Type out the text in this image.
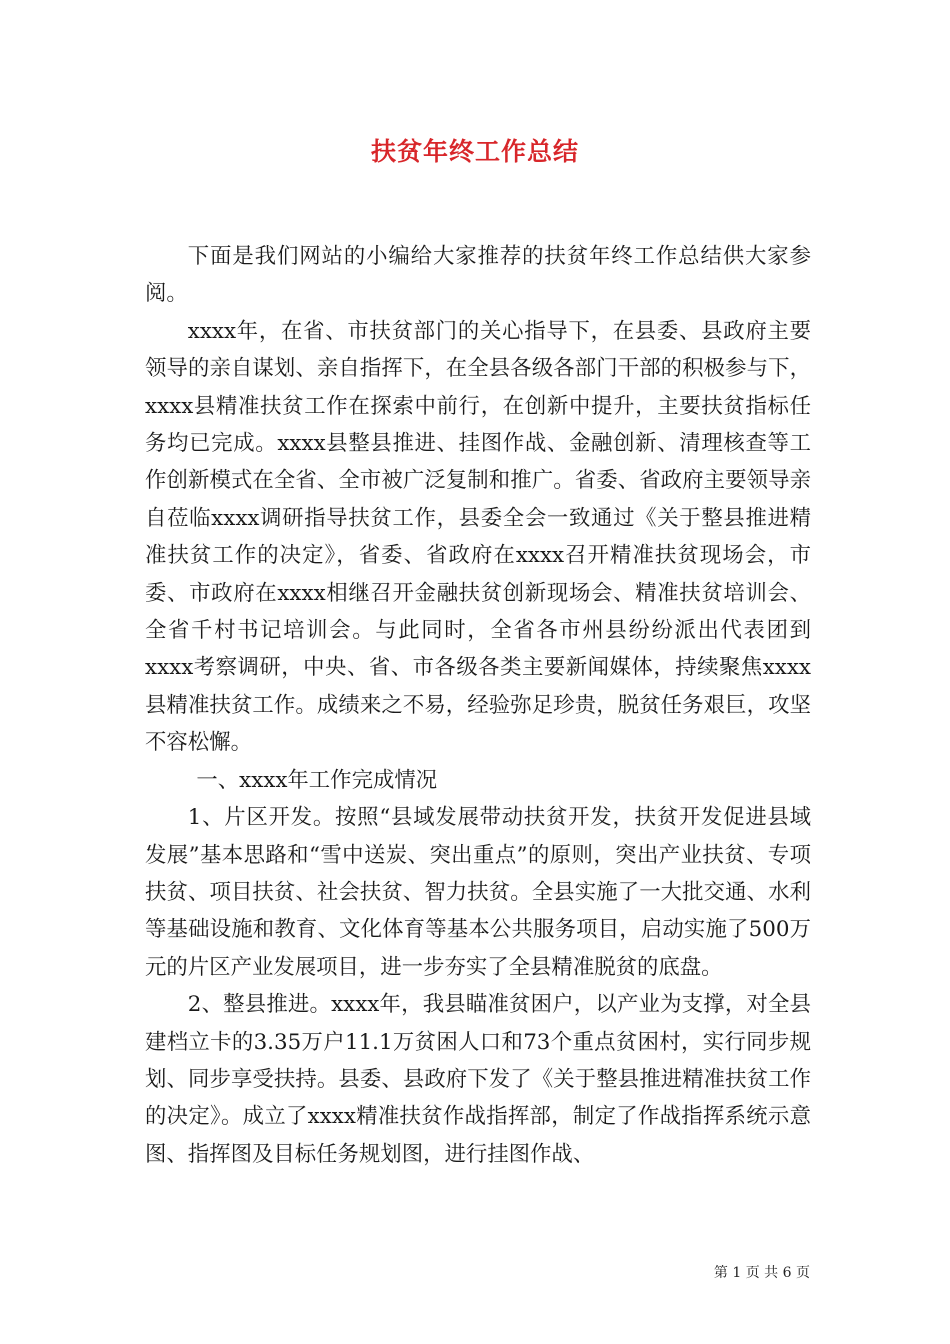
扶贫年终工作总结

下面是我们网站的小编给大家推荐的扶贫年终工作总结供大家参阅。

xxxx年，在省、市扶贫部门的关心指导下，在县委、县政府主要领导的亲自谋划、亲自指挥下，在全县各级各部门干部的积极参与下，xxxx县精准扶贫工作在探索中前行，在创新中提升，主要扶贫指标任务均已完成。xxxx县整县推进、挂图作战、金融创新、清理核查等工作创新模式在全省、全市被广泛复制和推广。省委、省政府主要领导亲自莅临xxxx调研指导扶贫工作，县委全会一致通过《关于整县推进精准扶贫工作的决定》，省委、省政府在xxxx召开精准扶贫现场会，市委、市政府在xxxx相继召开金融扶贫创新现场会、精准扶贫培训会、全省千村书记培训会。与此同时，全省各市州县纷纷派出代表团到xxxx考察调研，中央、省、市各级各类主要新闻媒体，持续聚焦xxxx县精准扶贫工作。成绩来之不易，经验弥足珍贵，脱贫任务艰巨，攻坚不容松懈。

一、xxxx年工作完成情况

1、片区开发。按照“县域发展带动扶贫开发，扶贫开发促进县域发展”基本思路和“雪中送炭、突出重点”的原则，突出产业扶贫、专项扶贫、项目扶贫、社会扶贫、智力扶贫。全县实施了一大批交通、水利等基础设施和教育、文化体育等基本公共服务项目，启动实施了500万元的片区产业发展项目，进一步夯实了全县精准脱贫的底盘。

2、整县推进。xxxx年，我县瞄准贫困户，以产业为支撑，对全县建档立卡的3.35万户11.1万贫困人口和73个重点贫困村，实行同步规划、同步享受扶持。县委、县政府下发了《关于整县推进精准扶贫工作的决定》。成立了xxxx精准扶贫作战指挥部，制定了作战指挥系统示意图、指挥图及目标任务规划图，进行挂图作战、

第 1 页 共 6 页
